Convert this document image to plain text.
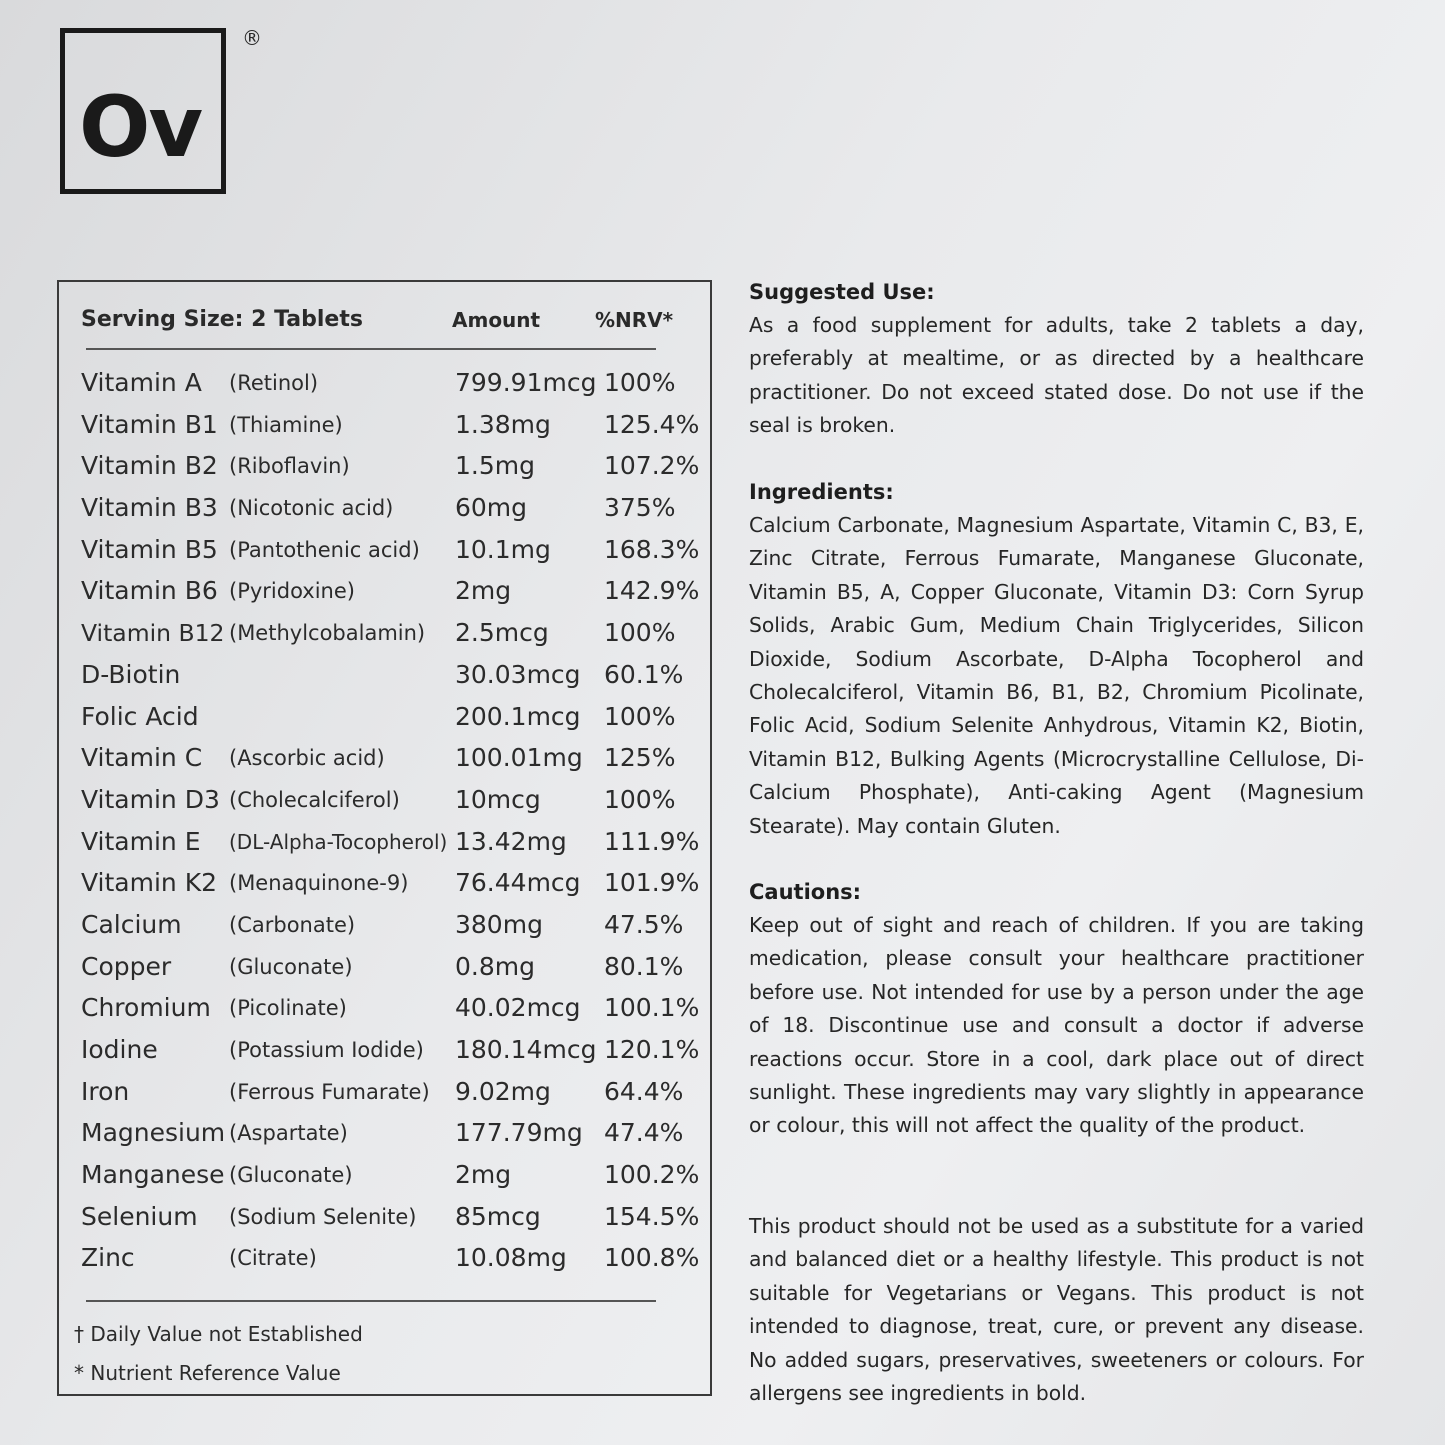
Ov
®
Serving Size: 2 Tablets	Amount	%NRV*
Vitamin A (Retinol)	799.91mcg 100%
Vitamin B1 (Thiamine)	1.38mg 125.4%
Vitamin B2 (Riboflavin)	1.5mg	107.2%
Vitamin B3 (Nicotonic acid) 60mg	375%
Vitamin B5 (Pantothenic acid) 10.1mg 168.3%
Vitamin B6 (Pyridoxine)	2mg	142.9%
Vitamin B12 (Methylcobalamin) 2.5mcg 100%
D-Biotin	30.03mcg 60.1%
Folic Acid	200.1mcg 100%
Vitamin C (Ascorbic acid)	100.01mg 125%
Vitamin D3 (Cholecalciferol) 10mcg	100%
Vitamin E (DL-Alpha-Tocopherol) 13.42mg 111.9%
Vitamin K2 (Menaquinone-9) 76.44mcg 101.9%
Calcium (Carbonate)	380mg 47.5%
Copper	(Gluconate)	0.8mg	80.1%
Chromium (Picolinate)	40.02mcg 100.1%
Iodine	(Potassium Iodide) 180.14mcg 120.1%
Iron	(Ferrous Fumarate) 9.02mg 64.4%
Magnesium (Aspartate)	177.79mg 47.4%
Manganese (Gluconate)	2mg	100.2%
Selenium (Sodium Selenite) 85mcg	154.5%
Zinc	(Citrate)	10.08mg 100.8%
† Daily Value not Established
* Nutrient Reference Value
Suggested Use:
As a food supplement for adults, take 2 tablets a day, preferably at mealtime, or as directed by a healthcare practitioner. Do not exceed stated dose. Do not use if the seal is broken.
Ingredients:
Calcium Carbonate, Magnesium Aspartate, Vitamin C, B3, E, Zinc Citrate, Ferrous Fumarate, Manganese Gluconate, Vitamin B5, A, Copper Gluconate, Vitamin D3: Corn Syrup Solids, Arabic Gum, Medium Chain Triglycerides, Silicon Dioxide, Sodium Ascorbate, D-Alpha Tocopherol and Cholecalciferol, Vitamin B6, B1, B2, Chromium Picolinate, Folic Acid, Sodium Selenite Anhydrous, Vitamin K2, Biotin, Vitamin B12, Bulking Agents (Microcrystalline Cellulose, Di-Calcium Phosphate), Anti-caking Agent (Magnesium Stearate). May contain Gluten.
Cautions:
Keep out of sight and reach of children. If you are taking medication, please consult your healthcare practitioner before use. Not intended for use by a person under the age of 18. Discontinue use and consult a doctor if adverse reactions occur. Store in a cool, dark place out of direct sunlight. These ingredients may vary slightly in appearance or colour, this will not affect the quality of the product.
This product should not be used as a substitute for a varied and balanced diet or a healthy lifestyle. This product is not suitable for Vegetarians or Vegans. This product is not intended to diagnose, treat, cure, or prevent any disease. No added sugars, preservatives, sweeteners or colours. For allergens see ingredients in bold.
